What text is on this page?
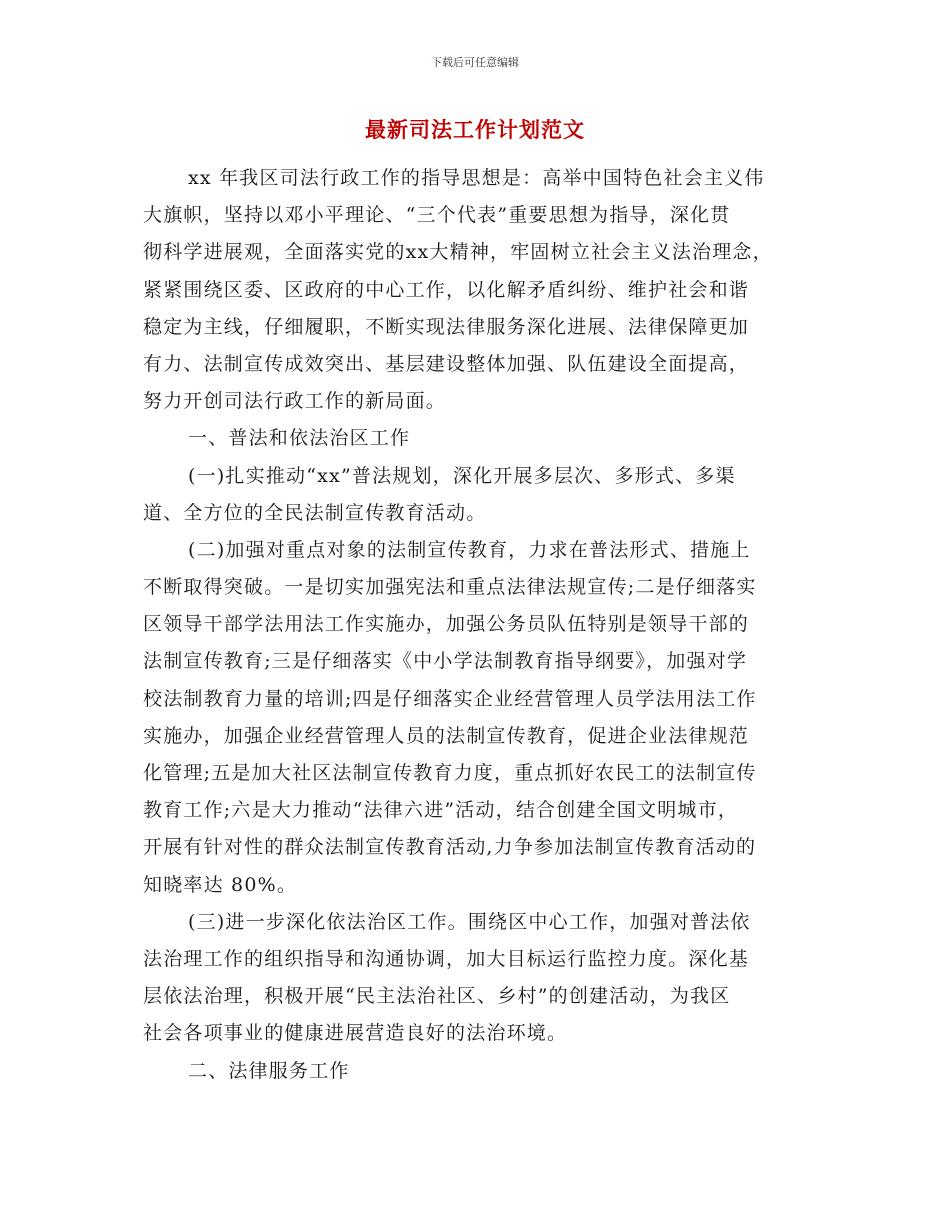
下载后可任意编辑
最新司法工作计划范文
xx 年我区司法行政工作的指导思想是：高举中国特色社会主义伟
大旗帜，坚持以邓小平理论、“三个代表”重要思想为指导，深化贯
彻科学进展观，全面落实党的xx大精神，牢固树立社会主义法治理念，
紧紧围绕区委、区政府的中心工作，以化解矛盾纠纷、维护社会和谐
稳定为主线，仔细履职，不断实现法律服务深化进展、法律保障更加
有力、法制宣传成效突出、基层建设整体加强、队伍建设全面提高，
努力开创司法行政工作的新局面。
一、普法和依法治区工作
(一)扎实推动“xx”普法规划，深化开展多层次、多形式、多渠
道、全方位的全民法制宣传教育活动。
(二)加强对重点对象的法制宣传教育，力求在普法形式、措施上
不断取得突破。一是切实加强宪法和重点法律法规宣传;二是仔细落实
区领导干部学法用法工作实施办，加强公务员队伍特别是领导干部的
法制宣传教育;三是仔细落实《中小学法制教育指导纲要》，加强对学
校法制教育力量的培训;四是仔细落实企业经营管理人员学法用法工作
实施办，加强企业经营管理人员的法制宣传教育，促进企业法律规范
化管理;五是加大社区法制宣传教育力度，重点抓好农民工的法制宣传
教育工作;六是大力推动“法律六进”活动，结合创建全国文明城市，
开展有针对性的群众法制宣传教育活动,力争参加法制宣传教育活动的
知晓率达 80%。
(三)进一步深化依法治区工作。围绕区中心工作，加强对普法依
法治理工作的组织指导和沟通协调，加大目标运行监控力度。深化基
层依法治理，积极开展“民主法治社区、乡村”的创建活动，为我区
社会各项事业的健康进展营造良好的法治环境。
二、法律服务工作
